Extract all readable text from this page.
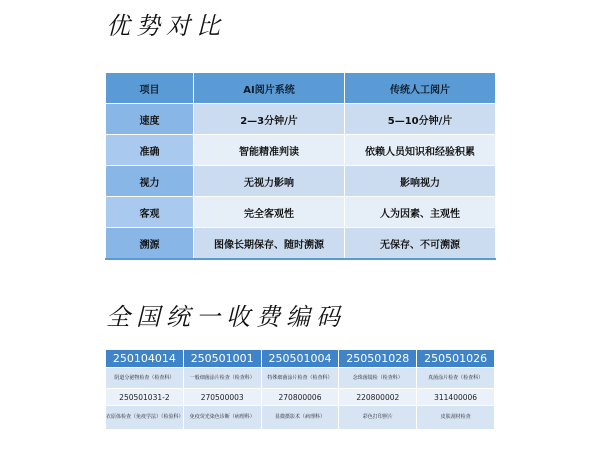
优势对比
项目	AI阅片系统	传统人工阅片
速度	2—3分钟/片	5—10分钟/片
准确	智能精准判读	依赖人员知识和经验积累
视力	无视力影响	影响视力
客观	完全客观性	人为因素、主观性
溯源	图像长期保存、随时溯源	无保存、不可溯源
全国统一收费编码
250104014	250501001	250501004	250501028	250501026
阴道分泌物检查（检查科）	一般细菌涂片检查（检查科）	特殊细菌涂片检查（检查科）	念珠菌镜检（检查科）	真菌涂片检查（检查科）
250501031-2	270500003	270800006	220800002	311400006
衣原体检查（免疫学法）（检验科）	免疫荧光染色诊断（病理科）	显微摄影术（病理科）	彩色打印照片	皮肤刮材检查
